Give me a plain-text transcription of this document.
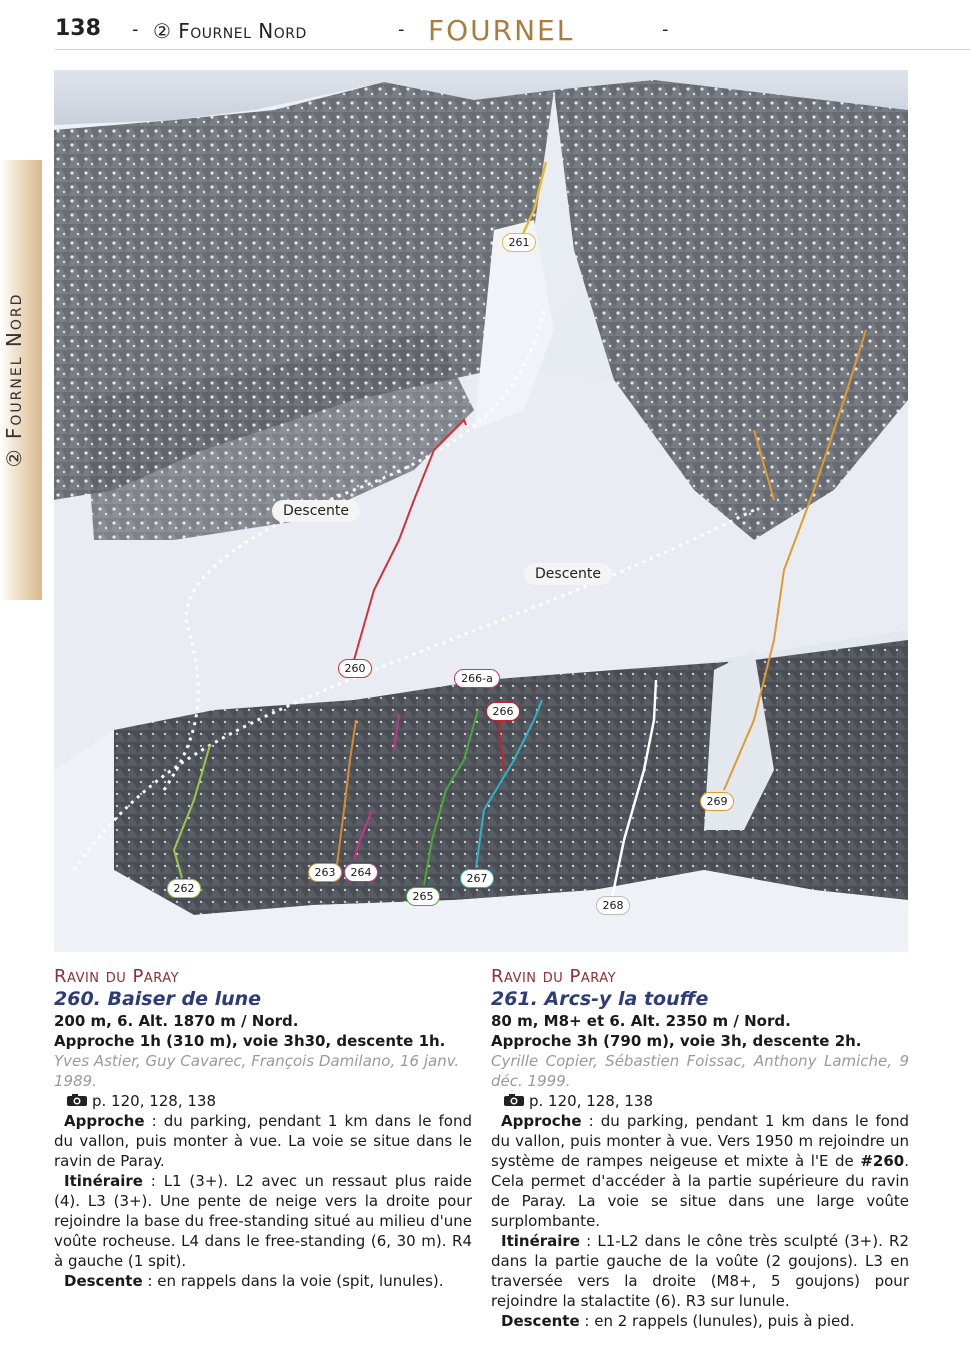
138 - ② Fournel Nord	- FOURNEL	-
② Fournel Nord
261
260
266-a
266
262
263	264
265
267
268
269
Descente
Descente
Ravin du Paray
260. Baiser de lune
200 m, 6. Alt. 1870 m / Nord.
Approche 1h (310 m), voie 3h30, descente 1h.
Yves Astier, Guy Cavarec, François Damilano, 16 janv. 1989.
p. 120, 128, 138
Approche : du parking, pendant 1 km dans le fond du vallon, puis monter à vue. La voie se situe dans le ravin de Paray.
Itinéraire : L1 (3+). L2 avec un ressaut plus raide (4). L3 (3+). Une pente de neige vers la droite pour rejoindre la base du free-standing situé au milieu d'une voûte rocheuse. L4 dans le free-standing (6, 30 m). R4 à gauche (1 spit).
Descente : en rappels dans la voie (spit, lunules).
Ravin du Paray
261. Arcs-y la touffe
80 m, M8+ et 6. Alt. 2350 m / Nord.
Approche 3h (790 m), voie 3h, descente 2h.
Cyrille Copier, Sébastien Foissac, Anthony Lamiche, 9 déc. 1999.
p. 120, 128, 138
Approche : du parking, pendant 1 km dans le fond du vallon, puis monter à vue. Vers 1950 m rejoindre un système de rampes neigeuse et mixte à l'E de #260. Cela permet d'accéder à la partie supérieure du ravin de Paray. La voie se situe dans une large voûte surplombante.
Itinéraire : L1-L2 dans le cône très sculpté (3+). R2 dans la partie gauche de la voûte (2 goujons). L3 en traversée vers la droite (M8+, 5 goujons) pour rejoindre la stalactite (6). R3 sur lunule.
Descente : en 2 rappels (lunules), puis à pied.
